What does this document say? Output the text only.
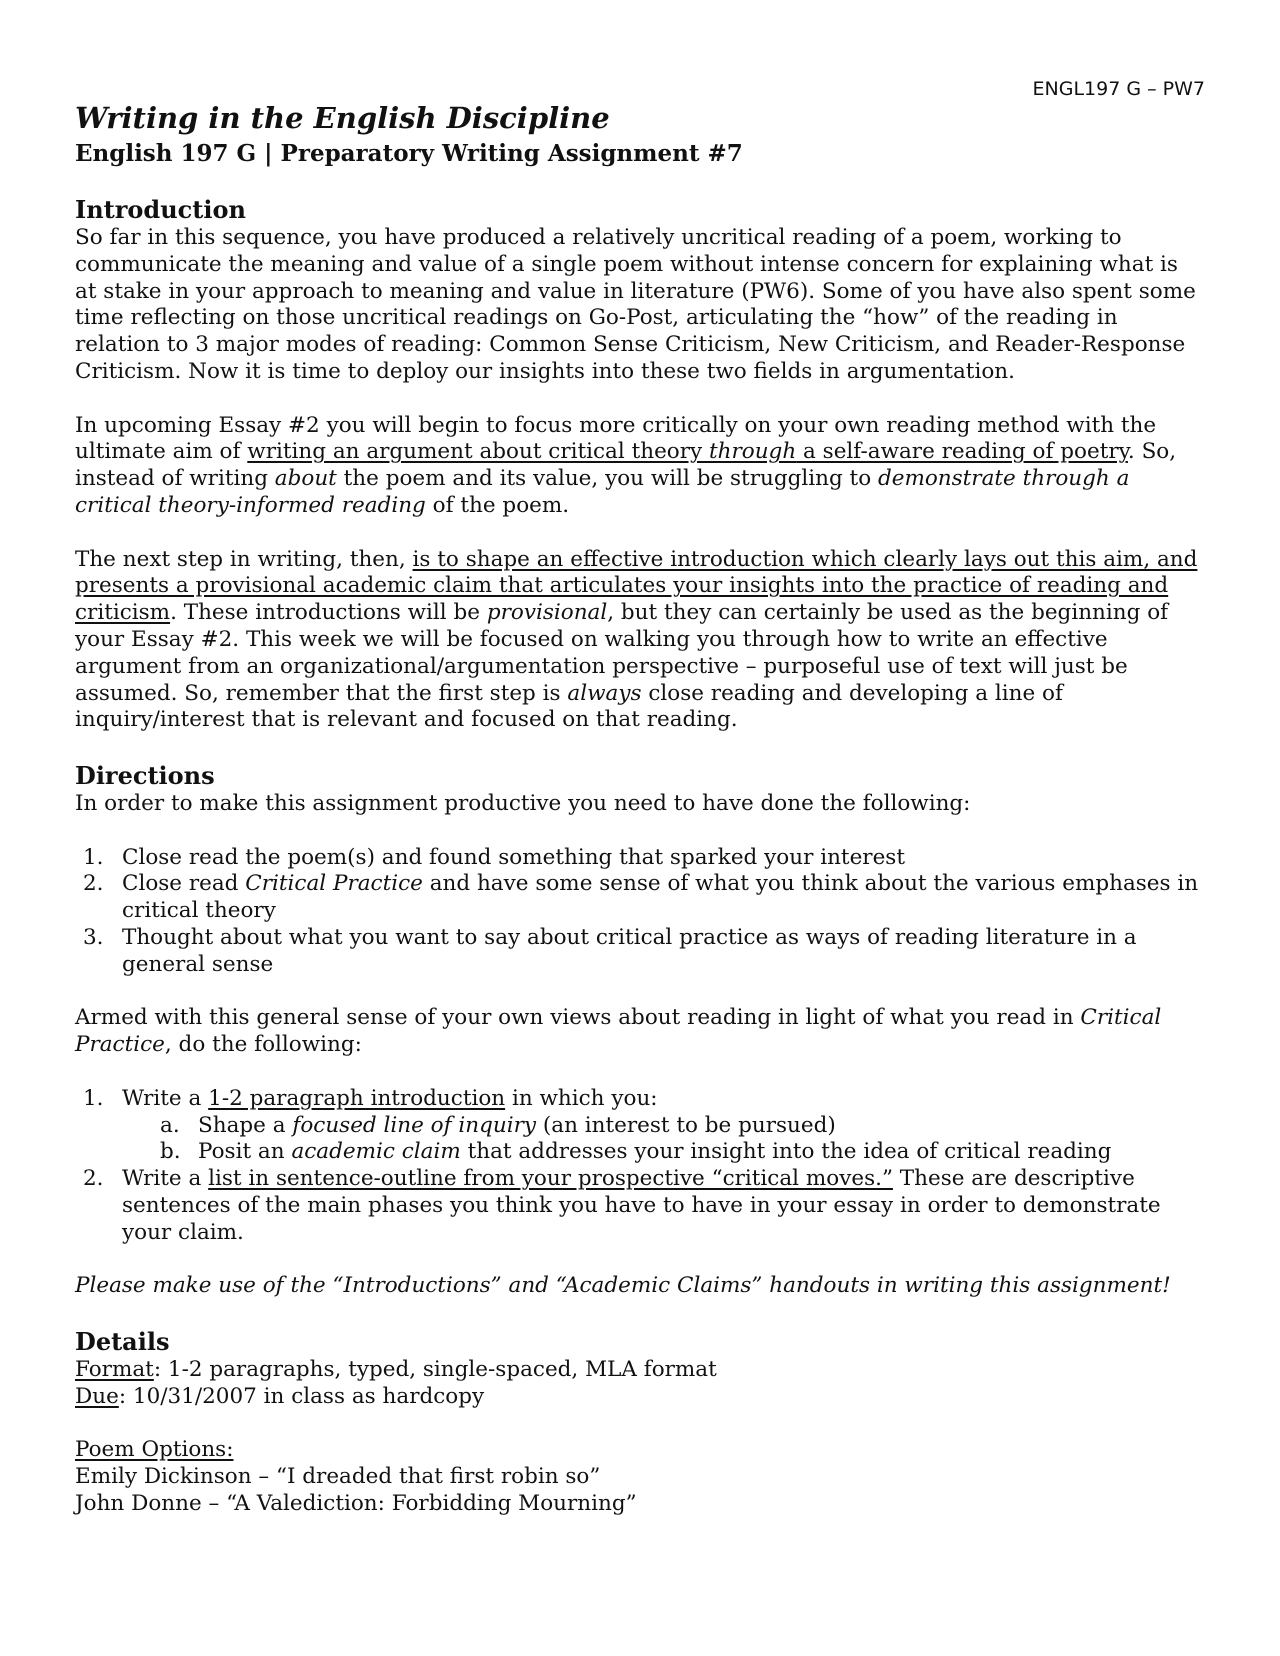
ENGL197 G – PW7
Writing in the English Discipline
English 197 G | Preparatory Writing Assignment #7
Introduction

So far in this sequence, you have produced a relatively uncritical reading of a poem, working to communicate the meaning and value of a single poem without intense concern for explaining what is at stake in your approach to meaning and value in literature (PW6). Some of you have also spent some time reflecting on those uncritical readings on Go-Post, articulating the “how” of the reading in relation to 3 major modes of reading: Common Sense Criticism, New Criticism, and Reader-Response Criticism. Now it is time to deploy our insights into these two fields in argumentation.

In upcoming Essay #2 you will begin to focus more critically on your own reading method with the ultimate aim of writing an argument about critical theory through a self-aware reading of poetry. So, instead of writing about the poem and its value, you will be struggling to demonstrate through a critical theory-informed reading of the poem.

The next step in writing, then, is to shape an effective introduction which clearly lays out this aim, and presents a provisional academic claim that articulates your insights into the practice of reading and criticism. These introductions will be provisional, but they can certainly be used as the beginning of your Essay #2. This week we will be focused on walking you through how to write an effective argument from an organizational/argumentation perspective – purposeful use of text will just be assumed. So, remember that the first step is always close reading and developing a line of inquiry/interest that is relevant and focused on that reading.

Directions

In order to make this assignment productive you need to have done the following:

1. Close read the poem(s) and found something that sparked your interest
2. Close read Critical Practice and have some sense of what you think about the various emphases in critical theory
3. Thought about what you want to say about critical practice as ways of reading literature in a general sense

Armed with this general sense of your own views about reading in light of what you read in Critical Practice, do the following:

1. Write a 1-2 paragraph introduction in which you:
a. Shape a focused line of inquiry (an interest to be pursued)
b. Posit an academic claim that addresses your insight into the idea of critical reading
2. Write a list in sentence-outline from your prospective “critical moves.” These are descriptive sentences of the main phases you think you have to have in your essay in order to demonstrate your claim.

Please make use of the “Introductions” and “Academic Claims” handouts in writing this assignment!

Details

Format: 1-2 paragraphs, typed, single-spaced, MLA format

Due: 10/31/2007 in class as hardcopy

Poem Options:

Emily Dickinson – “I dreaded that first robin so”

John Donne – “A Valediction: Forbidding Mourning”
